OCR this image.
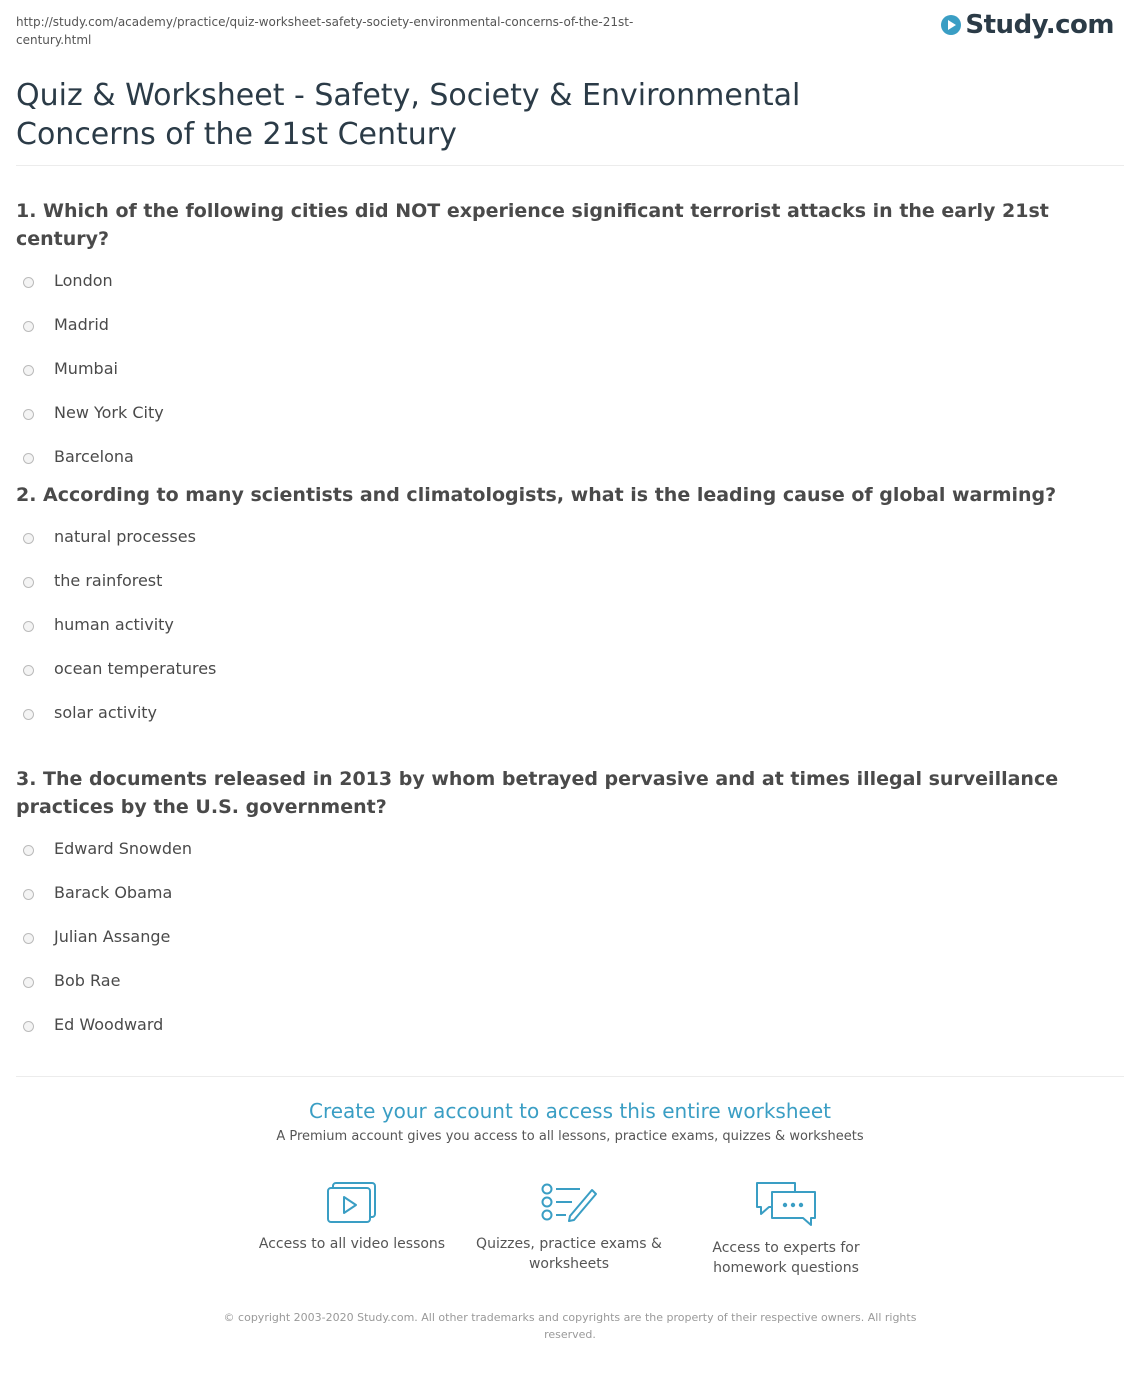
http://study.com/academy/practice/quiz-worksheet-safety-society-environmental-concerns-of-the-21st-century.html	Study.com
Quiz & Worksheet - Safety, Society & Environmental Concerns of the 21st Century

1. Which of the following cities did NOT experience significant terrorist attacks in the early 21st century?

London
Madrid
Mumbai
New York City
Barcelona

2. According to many scientists and climatologists, what is the leading cause of global warming?

natural processes
the rainforest
human activity
ocean temperatures
solar activity

3. The documents released in 2013 by whom betrayed pervasive and at times illegal surveillance practices by the U.S. government?

Edward Snowden
Barack Obama
Julian Assange
Bob Rae
Ed Woodward
Create your account to access this entire worksheet
A Premium account gives you access to all lessons, practice exams, quizzes & worksheets
Access to all video lessons	Quizzes, practice exams & worksheets
Access to experts for homework questions
© copyright 2003-2020 Study.com. All other trademarks and copyrights are the property of their respective owners. All rights reserved.
